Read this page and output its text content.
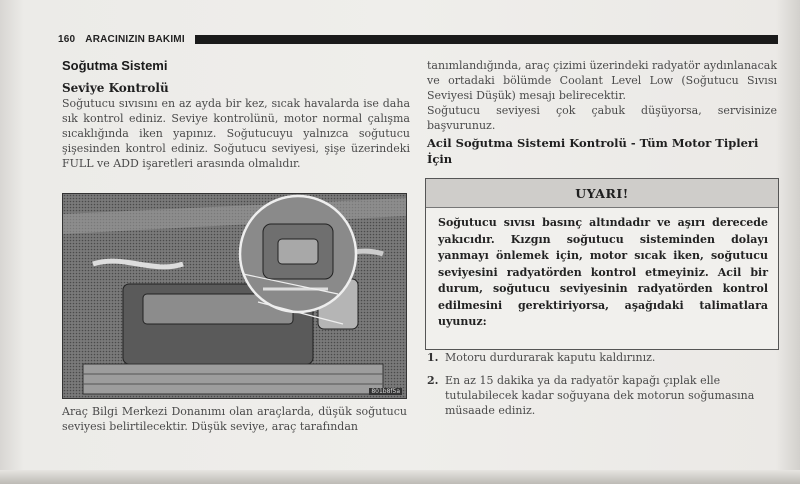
160 ARACINIZIN BAKIMI
Soğutma Sistemi
Seviye Kontrolü

Soğutucu sıvısını en az ayda bir kez, sıcak havalarda ise daha sık kontrol ediniz. Seviye kontrolünü, motor normal çalışma sıcaklığında iken yapınız. Soğutucuyu yalnızca soğutucu şişesinden kontrol ediniz. Soğutucu seviyesi, şişe üzerindeki FULL ve ADD işaretleri arasında olmalıdır.

801b8f5a

Araç Bilgi Merkezi Donanımı olan araçlarda, düşük soğutucu seviyesi belirtilecektir. Düşük seviye, araç tarafından

tanımlandığında, araç çizimi üzerindeki radyatör aydınlanacak ve ortadaki bölümde Coolant Level Low (Soğutucu Sıvısı Seviyesi Düşük) mesajı belirecektir.

Soğutucu seviyesi çok çabuk düşüyorsa, servisinize başvurunuz.

Acil Soğutma Sistemi Kontrolü - Tüm Motor Tipleri İçin

UYARI!

Soğutucu sıvısı basınç altındadır ve aşırı derecede yakıcıdır. Kızgın soğutucu sisteminden dolayı yanmayı önlemek için, motor sıcak iken, soğutucu seviyesini radyatörden kontrol etmeyiniz. Acil bir durum, soğutucu seviyesinin radyatörden kontrol edilmesini gerektiriyorsa, aşağıdaki talimatlara uyunuz:

1. Motoru durdurarak kaputu kaldırınız.

2. En az 15 dakika ya da radyatör kapağı çıplak elle tutulabilecek kadar soğuyana dek motorun soğumasına müsaade ediniz.
